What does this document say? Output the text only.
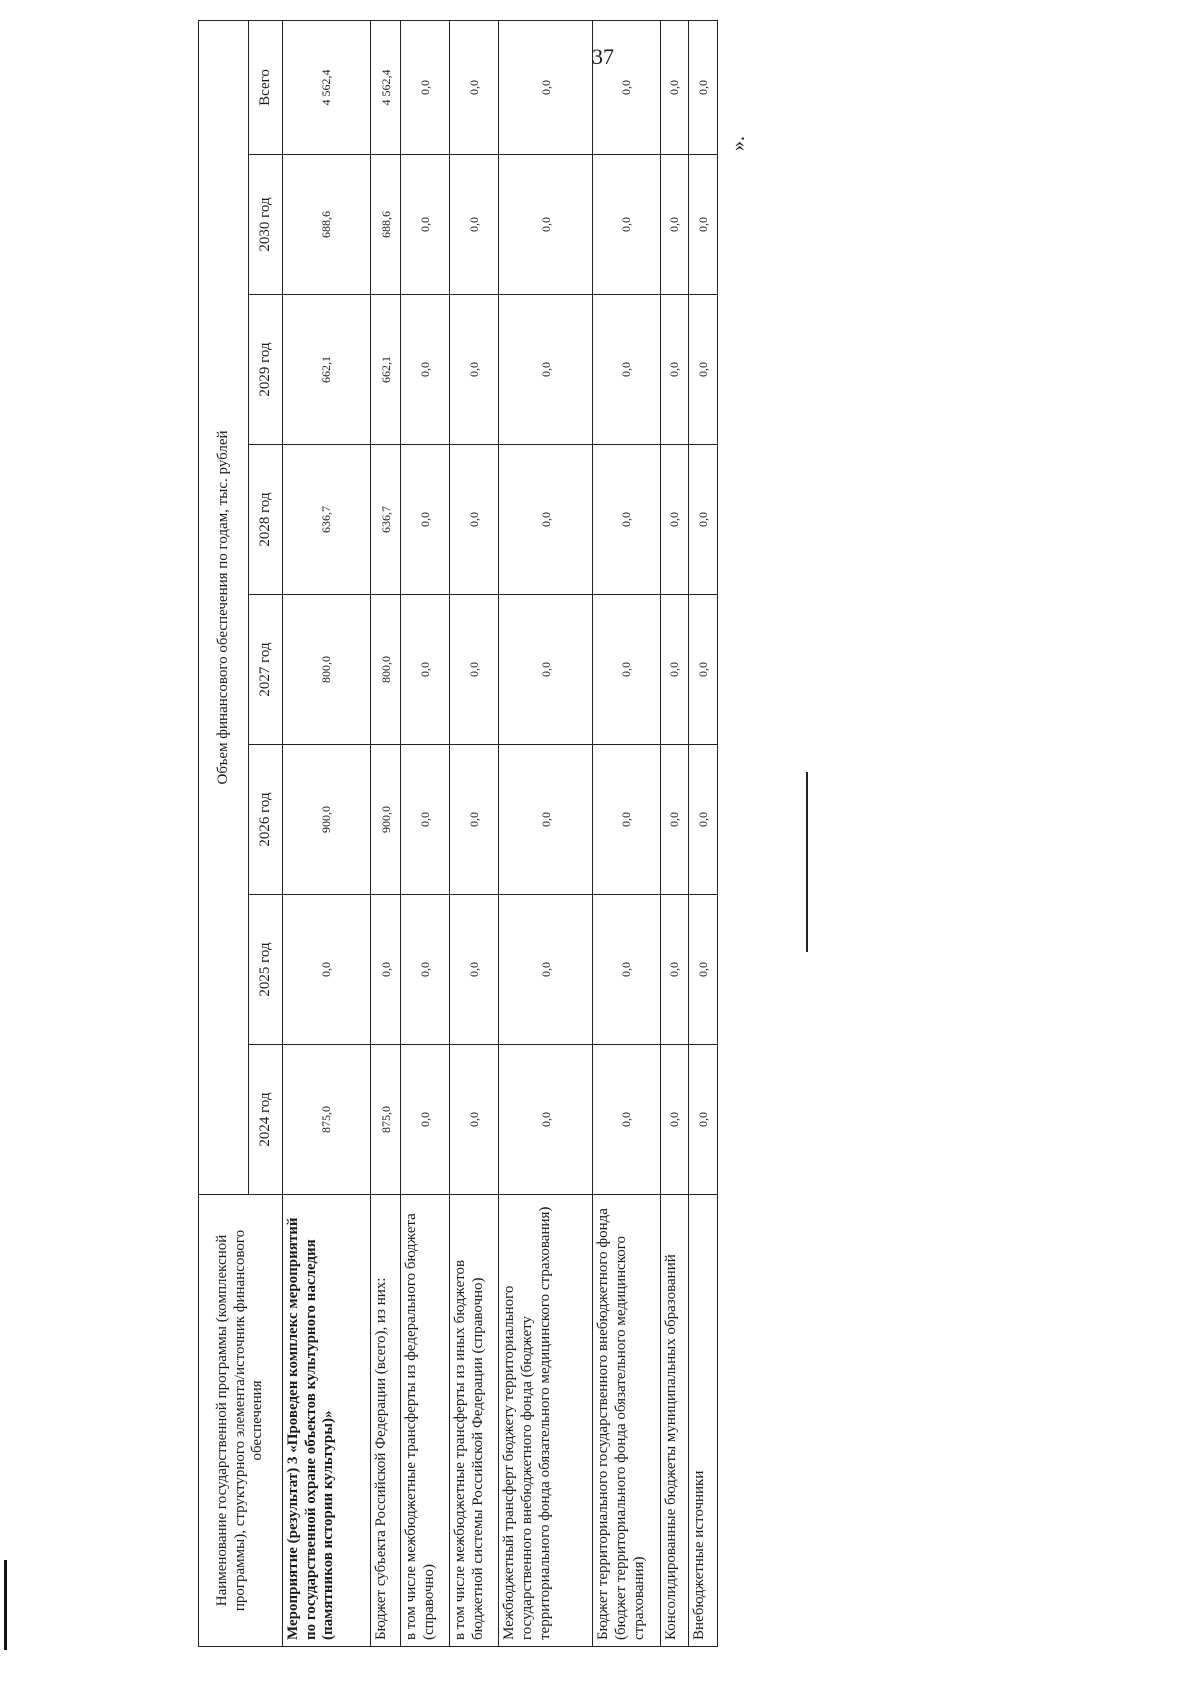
37
Наименование государственной программы (комплексной программы), структурного элемента/источник финансового обеспечения	Объем финансового обеспечения по годам, тыс. рублей							
	2024 год	2025 год	2026 год	2027 год	2028 год	2029 год	2030 год	Всего
Мероприятие (результат) 3 «Проведен комплекс мероприятий по государственной охране объектов культурного наследия (памятников истории культуры)»	875,0	0,0	900,0	800,0	636,7	662,1	688,6	4 562,4
Бюджет субъекта Российской Федерации (всего), из них:	875,0	0,0	900,0	800,0	636,7	662,1	688,6	4 562,4
в том числе межбюджетные трансферты из федерального бюджета (справочно)	0,0	0,0	0,0	0,0	0,0	0,0	0,0	0,0
в том числе межбюджетные трансферты из иных бюджетов бюджетной системы Российской Федерации (справочно)	0,0	0,0	0,0	0,0	0,0	0,0	0,0	0,0
Межбюджетный трансферт бюджету территориального государственного внебюджетного фонда (бюджету территориального фонда обязательного медицинского страхования)	0,0	0,0	0,0	0,0	0,0	0,0	0,0	0,0
Бюджет территориального государственного внебюджетного фонда (бюджет территориального фонда обязательного медицинского страхования)	0,0	0,0	0,0	0,0	0,0	0,0	0,0	0,0
Консолидированные бюджеты муниципальных образований	0,0	0,0	0,0	0,0	0,0	0,0	0,0	0,0
Внебюджетные источники	0,0	0,0	0,0	0,0	0,0	0,0	0,0	0,0
».
